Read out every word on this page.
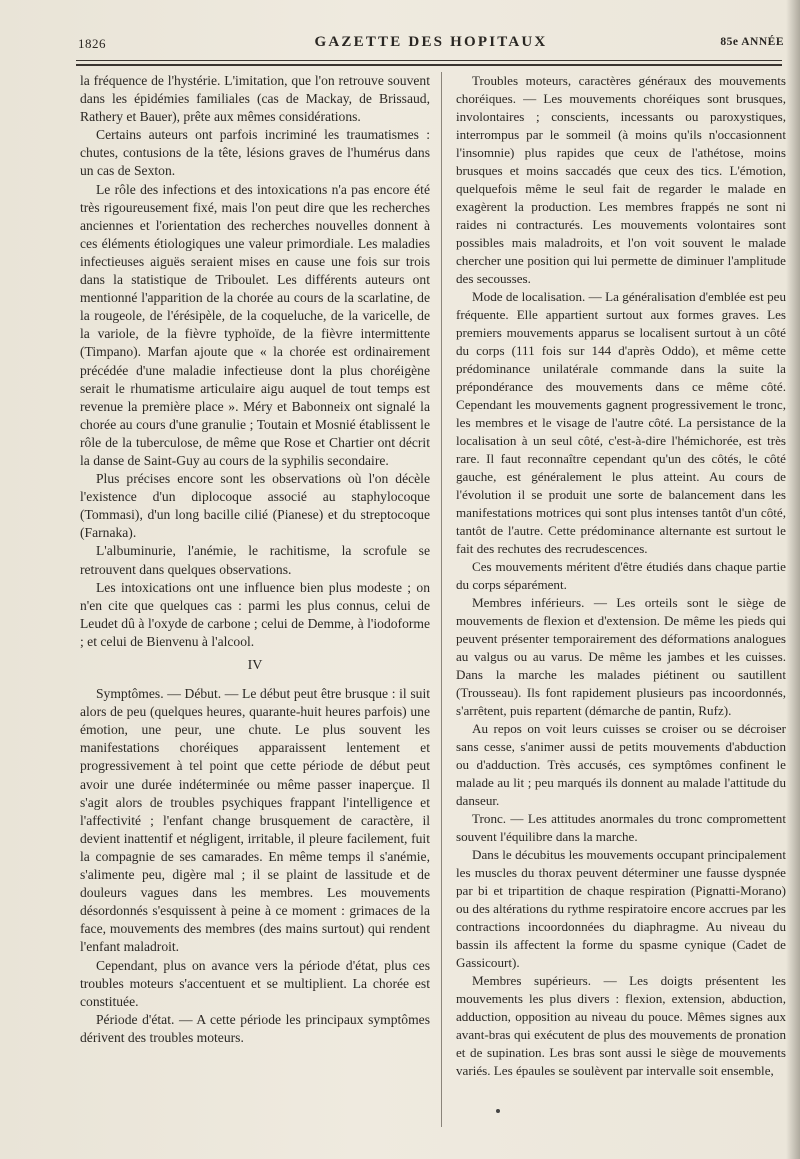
1826	GAZETTE DES HOPITAUX	85e ANNÉE

la fréquence de l'hystérie. L'imitation, que l'on retrouve souvent dans les épidémies familiales (cas de Mackay, de Brissaud, Rathery et Bauer), prête aux mêmes considérations.

Certains auteurs ont parfois incriminé les traumatismes : chutes, contusions de la tête, lésions graves de l'humérus dans un cas de Sexton.

Le rôle des infections et des intoxications n'a pas encore été très rigoureusement fixé, mais l'on peut dire que les recherches anciennes et l'orientation des recherches nouvelles donnent à ces éléments étiologiques une valeur primordiale. Les maladies infectieuses aiguës seraient mises en cause une fois sur trois dans la statistique de Triboulet. Les différents auteurs ont mentionné l'apparition de la chorée au cours de la scarlatine, de la rougeole, de l'érésipèle, de la coqueluche, de la varicelle, de la variole, de la fièvre typhoïde, de la fièvre intermittente (Timpano). Marfan ajoute que « la chorée est ordinairement précédée d'une maladie infectieuse dont la plus choréigène serait le rhumatisme articulaire aigu auquel de tout temps est revenue la première place ». Méry et Babonneix ont signalé la chorée au cours d'une granulie ; Toutain et Mosnié établissent le rôle de la tuberculose, de même que Rose et Chartier ont décrit la danse de Saint-Guy au cours de la syphilis secondaire.

Plus précises encore sont les observations où l'on décèle l'existence d'un diplocoque associé au staphylocoque (Tommasi), d'un long bacille cilié (Pianese) et du streptocoque (Farnaka).

L'albuminurie, l'anémie, le rachitisme, la scrofule se retrouvent dans quelques observations.

Les intoxications ont une influence bien plus modeste ; on n'en cite que quelques cas : parmi les plus connus, celui de Leudet dû à l'oxyde de carbone ; celui de Demme, à l'iodoforme ; et celui de Bienvenu à l'alcool.

IV

Symptômes. — Début. — Le début peut être brusque : il suit alors de peu (quelques heures, quarante-huit heures parfois) une émotion, une peur, une chute. Le plus souvent les manifestations choréiques apparaissent lentement et progressivement à tel point que cette période de début peut avoir une durée indéterminée ou même passer inaperçue. Il s'agit alors de troubles psychiques frappant l'intelligence et l'affectivité ; l'enfant change brusquement de caractère, il devient inattentif et négligent, irritable, il pleure facilement, fuit la compagnie de ses camarades. En même temps il s'anémie, s'alimente peu, digère mal ; il se plaint de lassitude et de douleurs vagues dans les membres. Les mouvements désordonnés s'esquissent à peine à ce moment : grimaces de la face, mouvements des membres (des mains surtout) qui rendent l'enfant maladroit.

Cependant, plus on avance vers la période d'état, plus ces troubles moteurs s'accentuent et se multiplient. La chorée est constituée.

Période d'état. — A cette période les principaux symptômes dérivent des troubles moteurs.

Troubles moteurs, caractères généraux des mouvements choréiques. — Les mouvements choréiques sont brusques, involontaires ; conscients, incessants ou paroxystiques, interrompus par le sommeil (à moins qu'ils n'occasionnent l'insomnie) plus rapides que ceux de l'athétose, moins brusques et moins saccadés que ceux des tics. L'émotion, quelquefois même le seul fait de regarder le malade en exagèrent la production. Les membres frappés ne sont ni raides ni contracturés. Les mouvements volontaires sont possibles mais maladroits, et l'on voit souvent le malade chercher une position qui lui permette de diminuer l'amplitude des secousses.

Mode de localisation. — La généralisation d'emblée est peu fréquente. Elle appartient surtout aux formes graves. Les premiers mouvements apparus se localisent surtout à un côté du corps (111 fois sur 144 d'après Oddo), et même cette prédominance unilatérale commande dans la suite la prépondérance des mouvements dans ce même côté. Cependant les mouvements gagnent progressivement le tronc, les membres et le visage de l'autre côté. La persistance de la localisation à un seul côté, c'est-à-dire l'hémichorée, est très rare. Il faut reconnaître cependant qu'un des côtés, le côté gauche, est généralement le plus atteint. Au cours de l'évolution il se produit une sorte de balancement dans les manifestations motrices qui sont plus intenses tantôt d'un côté, tantôt de l'autre. Cette prédominance alternante est surtout le fait des rechutes des recrudescences.

Ces mouvements méritent d'être étudiés dans chaque partie du corps séparément.

Membres inférieurs. — Les orteils sont le siège de mouvements de flexion et d'extension. De même les pieds qui peuvent présenter temporairement des déformations analogues au valgus ou au varus. De même les jambes et les cuisses. Dans la marche les malades piétinent ou sautillent (Trousseau). Ils font rapidement plusieurs pas incoordonnés, s'arrêtent, puis repartent (démarche de pantin, Rufz).

Au repos on voit leurs cuisses se croiser ou se décroiser sans cesse, s'animer aussi de petits mouvements d'abduction ou d'adduction. Très accusés, ces symptômes confinent le malade au lit ; peu marqués ils donnent au malade l'attitude du danseur.

Tronc. — Les attitudes anormales du tronc compromettent souvent l'équilibre dans la marche.

Dans le décubitus les mouvements occupant principalement les muscles du thorax peuvent déterminer une fausse dyspnée par bi et tripartition de chaque respiration (Pignatti-Morano) ou des altérations du rythme respiratoire encore accrues par les contractions incoordonnées du diaphragme. Au niveau du bassin ils affectent la forme du spasme cynique (Cadet de Gassicourt).

Membres supérieurs. — Les doigts présentent les mouvements les plus divers : flexion, extension, abduction, adduction, opposition au niveau du pouce. Mêmes signes aux avant-bras qui exécutent de plus des mouvements de pronation et de supination. Les bras sont aussi le siège de mouvements variés. Les épaules se soulèvent par intervalle soit ensemble,
